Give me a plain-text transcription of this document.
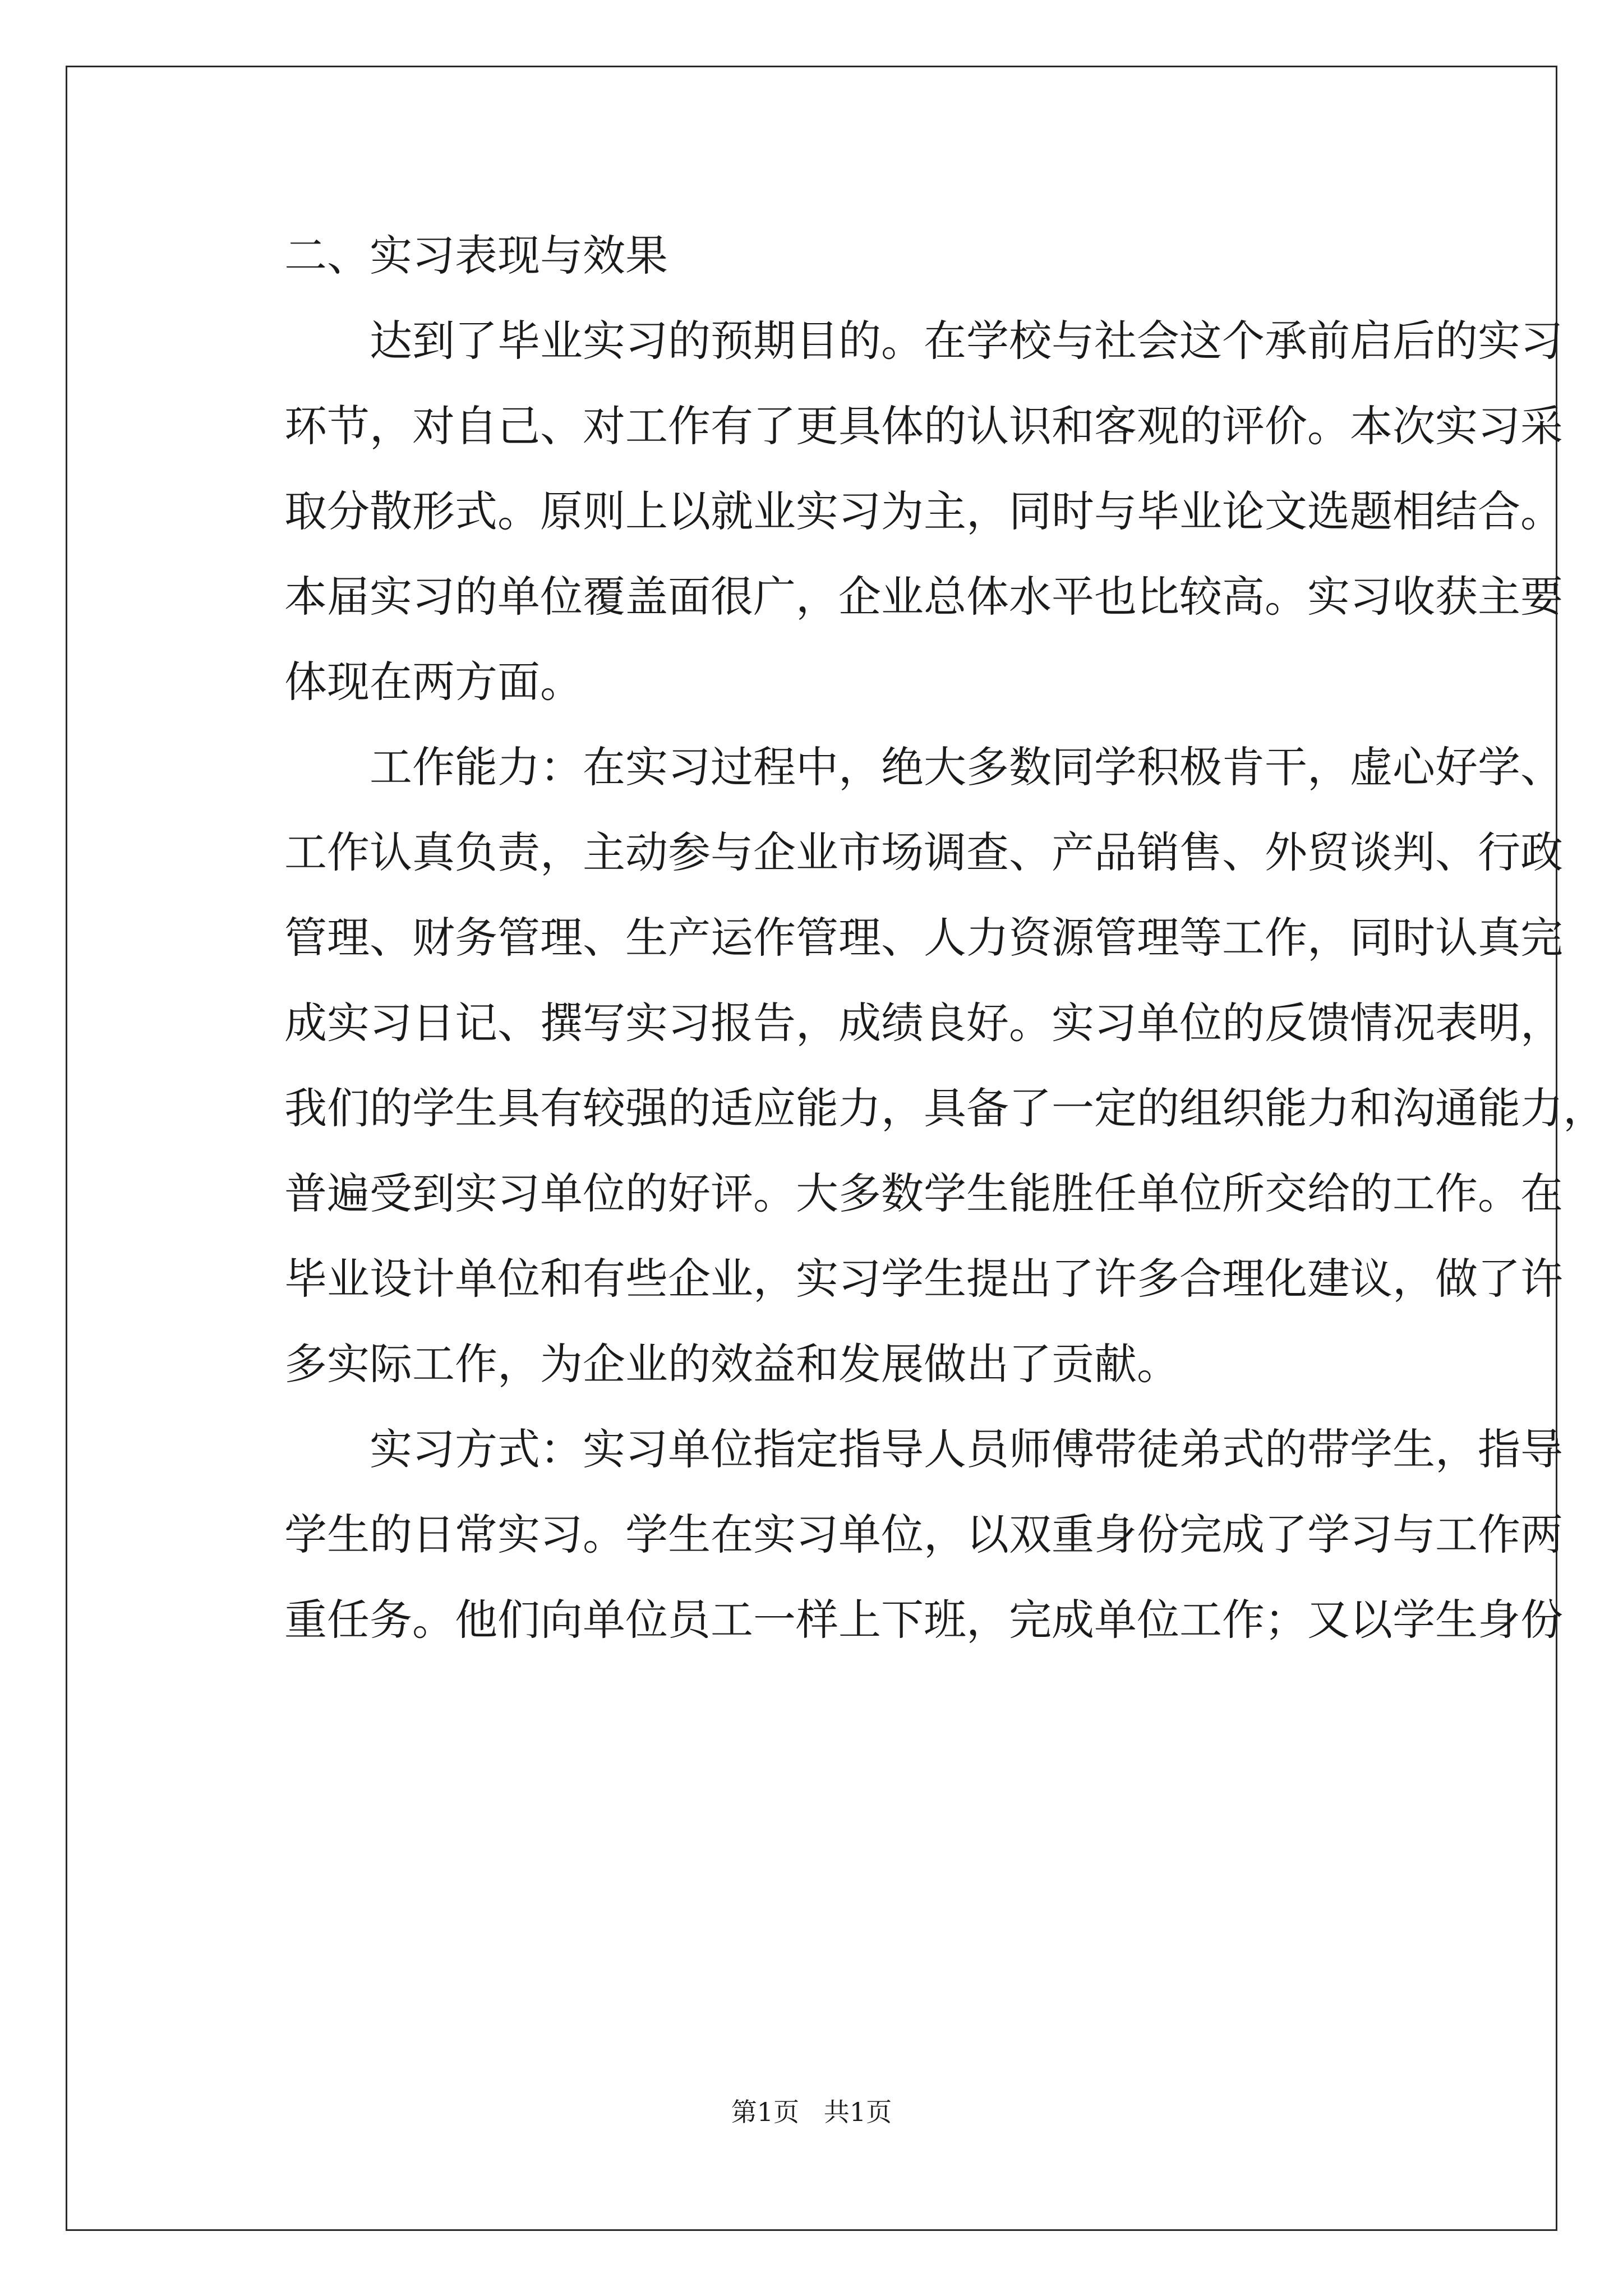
二、实习表现与效果
达到了毕业实习的预期目的。在学校与社会这个承前启后的实习
环节，对自己、对工作有了更具体的认识和客观的评价。本次实习采
取分散形式。原则上以就业实习为主，同时与毕业论文选题相结合。
本届实习的单位覆盖面很广，企业总体水平也比较高。实习收获主要
体现在两方面。
工作能力：在实习过程中，绝大多数同学积极肯干，虚心好学、
工作认真负责，主动参与企业市场调查、产品销售、外贸谈判、行政
管理、财务管理、生产运作管理、人力资源管理等工作，同时认真完
成实习日记、撰写实习报告，成绩良好。实习单位的反馈情况表明，
我们的学生具有较强的适应能力，具备了一定的组织能力和沟通能力，
普遍受到实习单位的好评。大多数学生能胜任单位所交给的工作。在
毕业设计单位和有些企业，实习学生提出了许多合理化建议，做了许
多实际工作，为企业的效益和发展做出了贡献。
实习方式：实习单位指定指导人员师傅带徒弟式的带学生，指导
学生的日常实习。学生在实习单位，以双重身份完成了学习与工作两
重任务。他们向单位员工一样上下班，完成单位工作；又以学生身份
第1页   共1页
